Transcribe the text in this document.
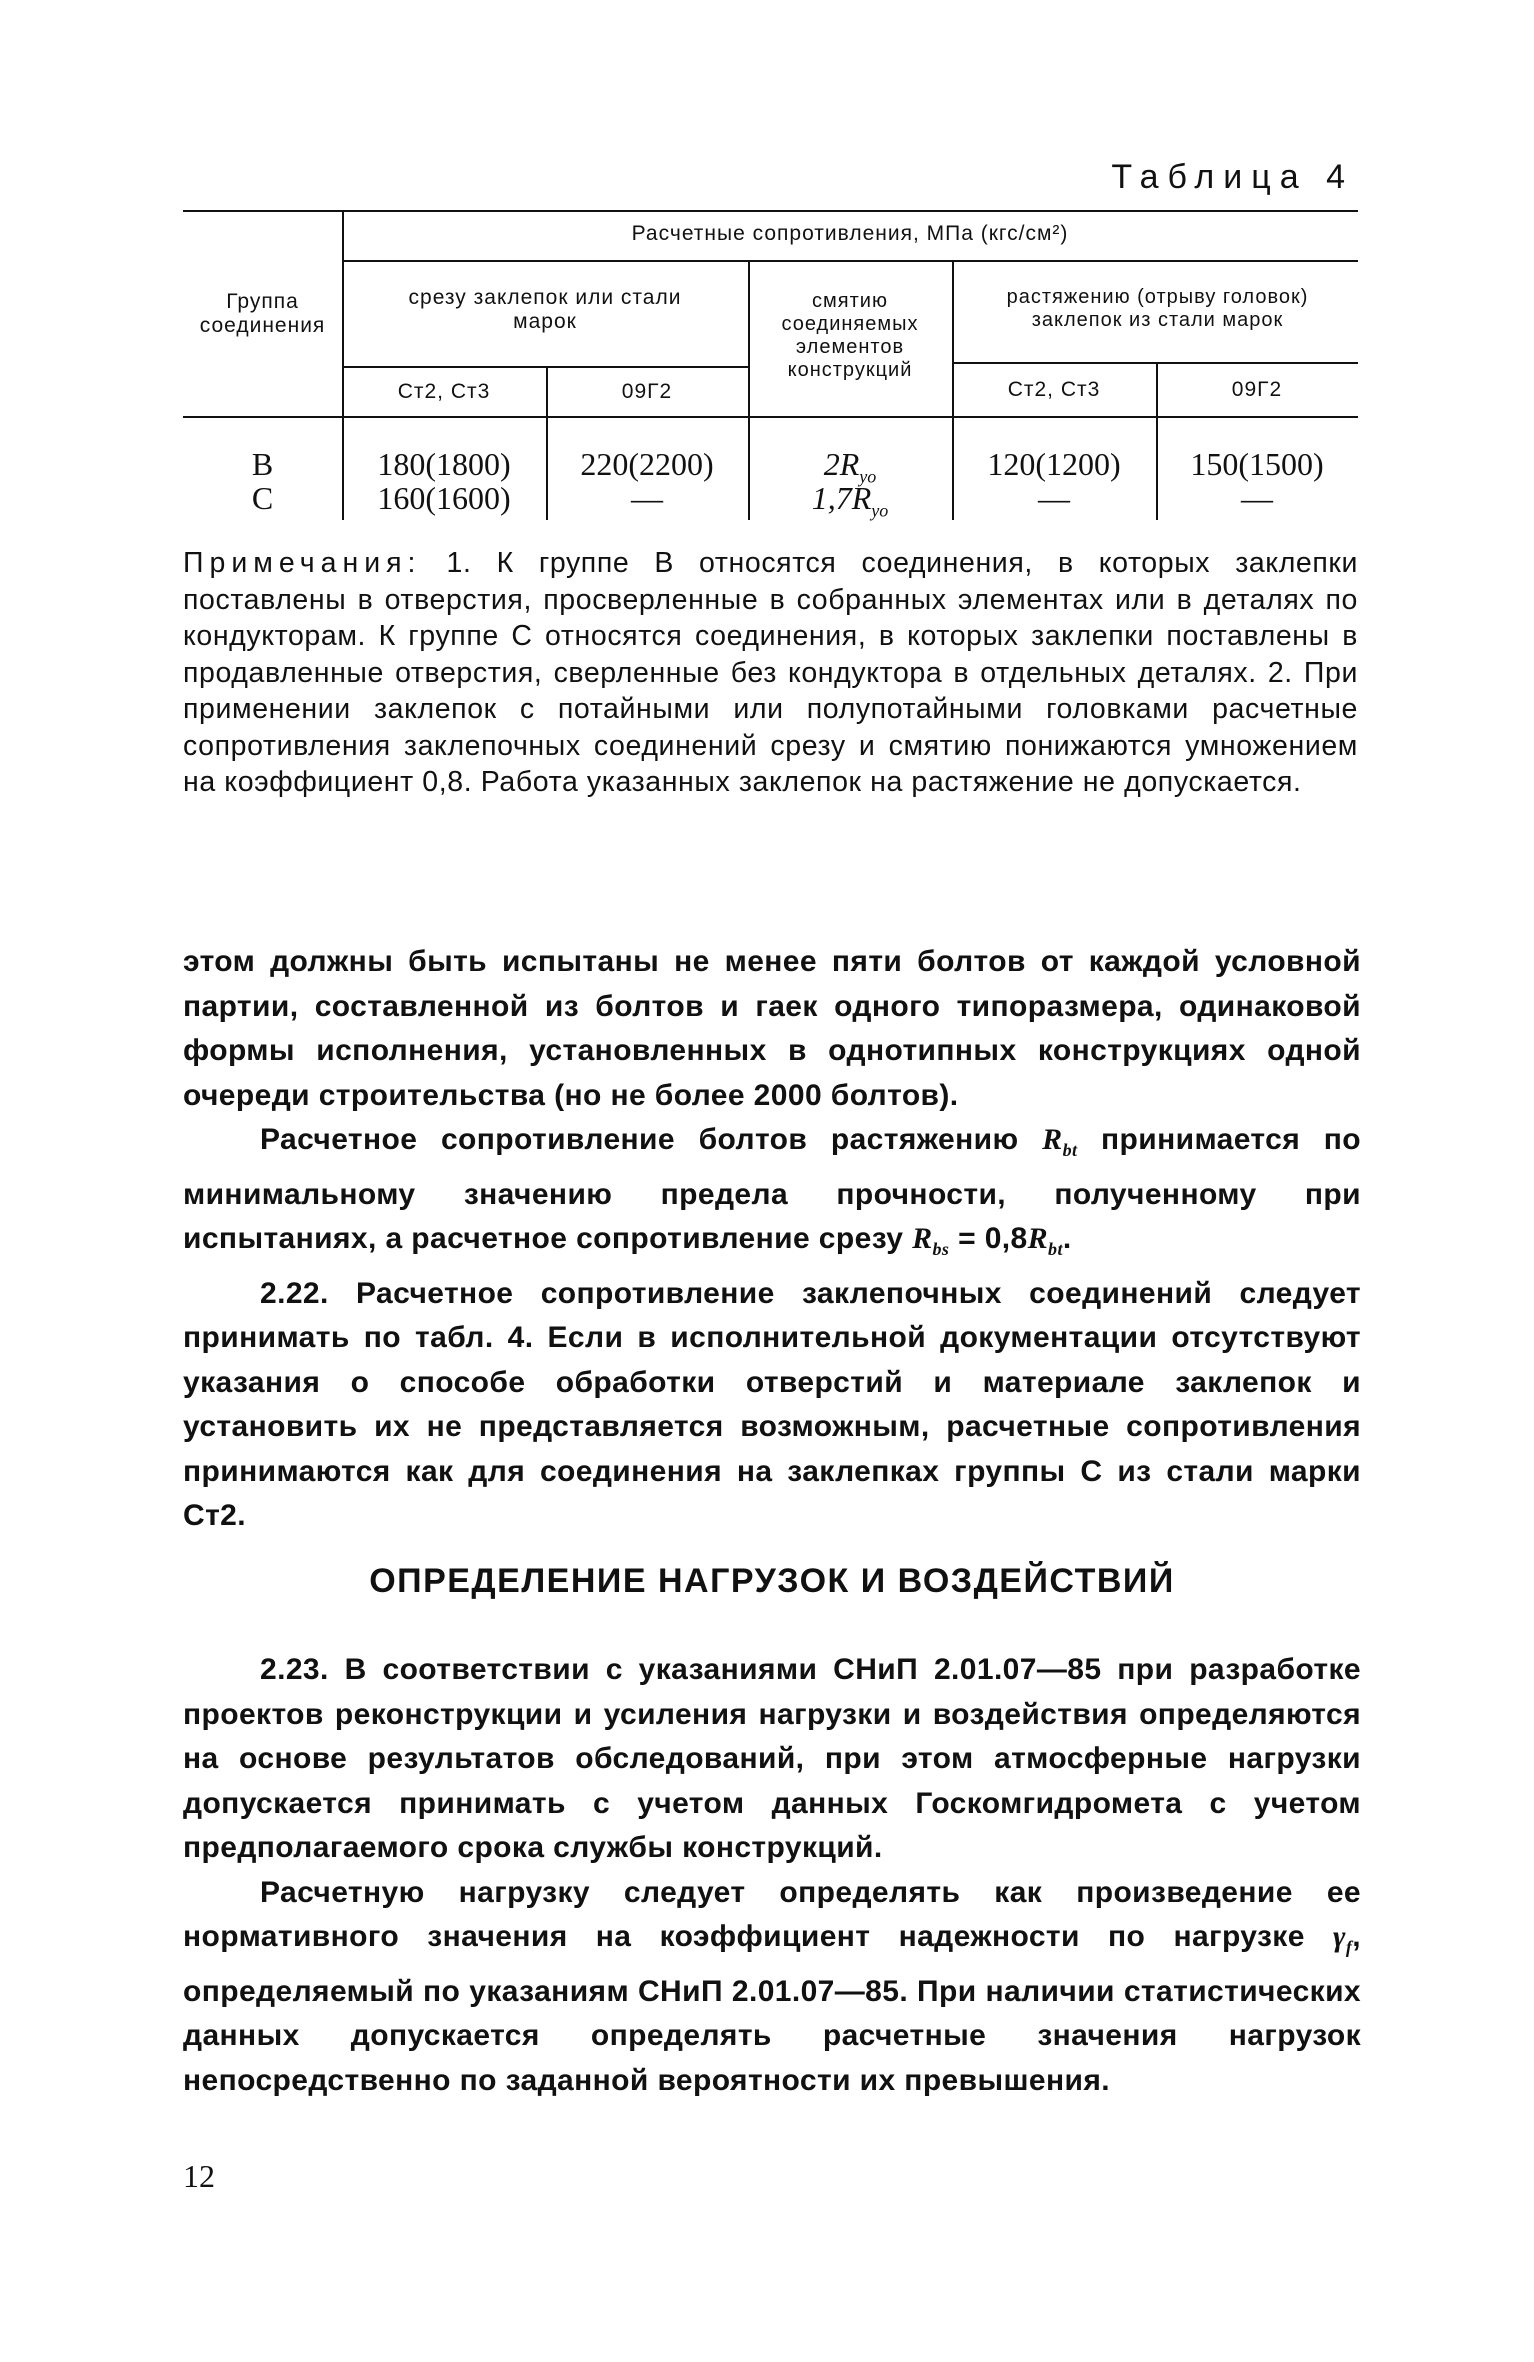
Таблица 4
Группа соединения
Расчетные сопротивления, МПа (кгс/см²)
срезу заклепок или стали марок
смятию соединяемых элементов конструкций
растяжению (отрыву головок) заклепок из стали марок
Ст2, Ст3	09Г2	Ст2, Ст3	09Г2
B	180(1800)	220(2200)	$2R_{yo}$	120(1200)	150(1500)
C	160(1600)	—	$1,7R_{yo}$	—	—
Примечания: 1. К группе В относятся соединения, в которых заклепки поставлены в отверстия, просверленные в собранных элементах или в деталях по кондукторам. К группе С относятся соединения, в которых заклепки поставлены в продавленные отверстия, сверленные без кондуктора в отдельных деталях. 2. При применении заклепок с потайными или полупотайными головками расчетные сопротивления заклепочных соединений срезу и смятию понижаются умножением на коэффициент 0,8. Работа указанных заклепок на растяжение не допускается.

этом должны быть испытаны не менее пяти болтов от каждой условной партии, составленной из болтов и гаек одного типоразмера, одинаковой формы исполнения, установленных в однотипных конструкциях одной очереди строительства (но не более 2000 болтов).

Расчетное сопротивление болтов растяжению $R_{bt}$ принимается по минимальному значению предела прочности, полученному при испытаниях, а расчетное сопротивление срезу $R_{bs} = 0,8R_{bt}$.

2.22. Расчетное сопротивление заклепочных соединений следует принимать по табл. 4. Если в исполнительной документации отсутствуют указания о способе обработки отверстий и материале заклепок и установить их не представляется возможным, расчетные сопротивления принимаются как для соединения на заклепках группы С из стали марки Ст2.

ОПРЕДЕЛЕНИЕ НАГРУЗОК И ВОЗДЕЙСТВИЙ

2.23. В соответствии с указаниями СНиП 2.01.07—85 при разработке проектов реконструкции и усиления нагрузки и воздействия определяются на основе результатов обследований, при этом атмосферные нагрузки допускается принимать с учетом данных Госкомгидромета с учетом предполагаемого срока службы конструкций.

Расчетную нагрузку следует определять как произведение ее нормативного значения на коэффициент надежности по нагрузке $\gamma_f$, определяемый по указаниям СНиП 2.01.07—85. При наличии статистических данных допускается определять расчетные значения нагрузок непосредственно по заданной вероятности их превышения.

12
